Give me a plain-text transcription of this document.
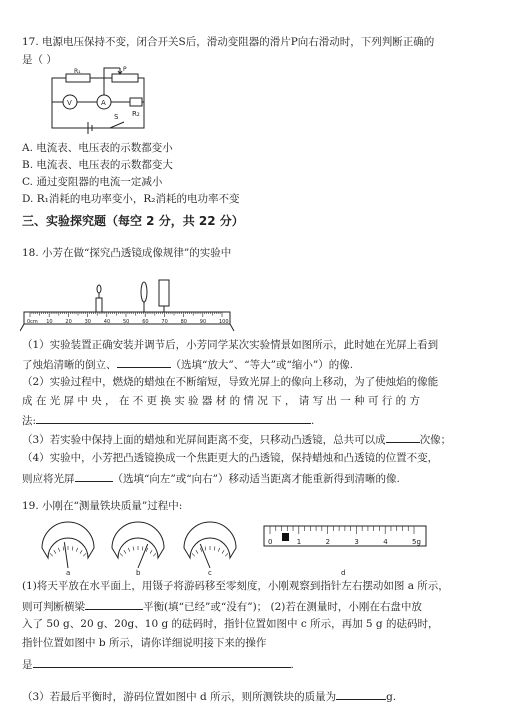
17. 电源电压保持不变，闭合开关S后，滑动变阻器的滑片P向右滑动时，下列判断正确的
是（ ）
R₁	P
V	A
R₂
S
A. 电流表、电压表的示数都变小
B. 电流表、电压表的示数都变大
C. 通过变阻器的电流一定减小
D. R₁消耗的电功率变小，R₂消耗的电功率不变
三、实验探究题（每空 2 分，共 22 分）
18. 小芳在做“探究凸透镜成像规律”的实验中
0cm 10	20	30	40	50	60	70	80	90	100
（1）实验装置正确安装并调节后，小芳同学某次实验情景如图所示，此时她在光屏上看到
了烛焰清晰的倒立、	（选填“放大”、“等大”或“缩小”）的像.
（2）实验过程中，燃烧的蜡烛在不断缩短，导致光屏上的像向上移动，为了使烛焰的像能
成 在 光 屏 中 央 ， 在 不 更 换 实 验 器 材 的 情 况 下 ， 请 写 出 一 种 可 行 的 方
法:	.
（3）若实验中保持上面的蜡烛和光屏间距离不变，只移动凸透镜，总共可以成	次像；
（4）实验中，小芳把凸透镜换成一个焦距更大的凸透镜，保持蜡烛和凸透镜的位置不变，
则应将光屏	（选填“向左”或“向右”）移动适当距离才能重新得到清晰的像.
19. 小刚在“测量铁块质量”过程中:
0	1	2	3	4	5g
a	b	c	d
(1)将天平放在水平面上，用镊子将游码移至零刻度，小刚观察到指针左右摆动如图 a 所示，
则可判断横梁	平衡(填“已经”或“没有”)； (2)若在测量时，小刚在右盘中放
入了 50 g、20 g、20g、10 g 的砝码时，指针位置如图中 c 所示，再加 5 g 的砝码时，
指针位置如图中 b 所示，请你详细说明接下来的操作
是	.
（3）若最后平衡时，游码位置如图中 d 所示，则所测铁块的质量为	g.
